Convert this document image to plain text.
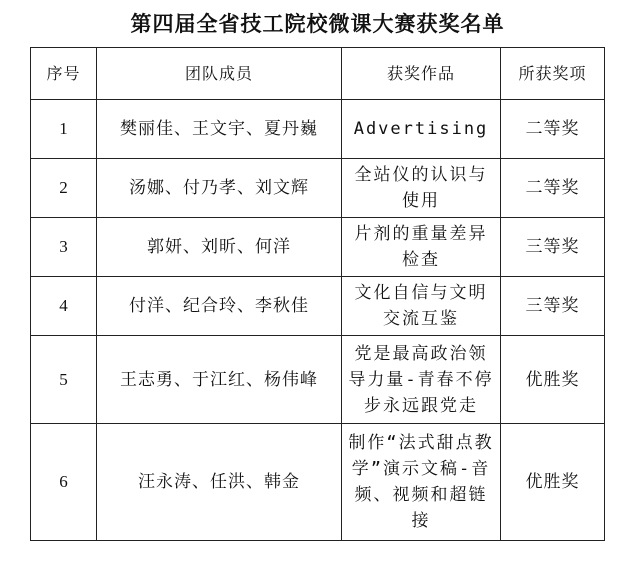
第四届全省技工院校微课大赛获奖名单
序号	团队成员	获奖作品	所获奖项
1	樊丽佳、王文宇、夏丹巍	Advertising	二等奖
2	汤娜、付乃孝、刘文辉	全站仪的认识与使用	二等奖
3	郭妍、刘昕、何洋	片剂的重量差异检查	三等奖
4	付洋、纪合玲、李秋佳	文化自信与文明交流互鉴	三等奖
5	王志勇、于江红、杨伟峰	党是最高政治领导力量-青春不停步永远跟党走	优胜奖
6	汪永涛、任洪、韩金	制作“法式甜点教学”演示文稿-音频、视频和超链接	优胜奖
